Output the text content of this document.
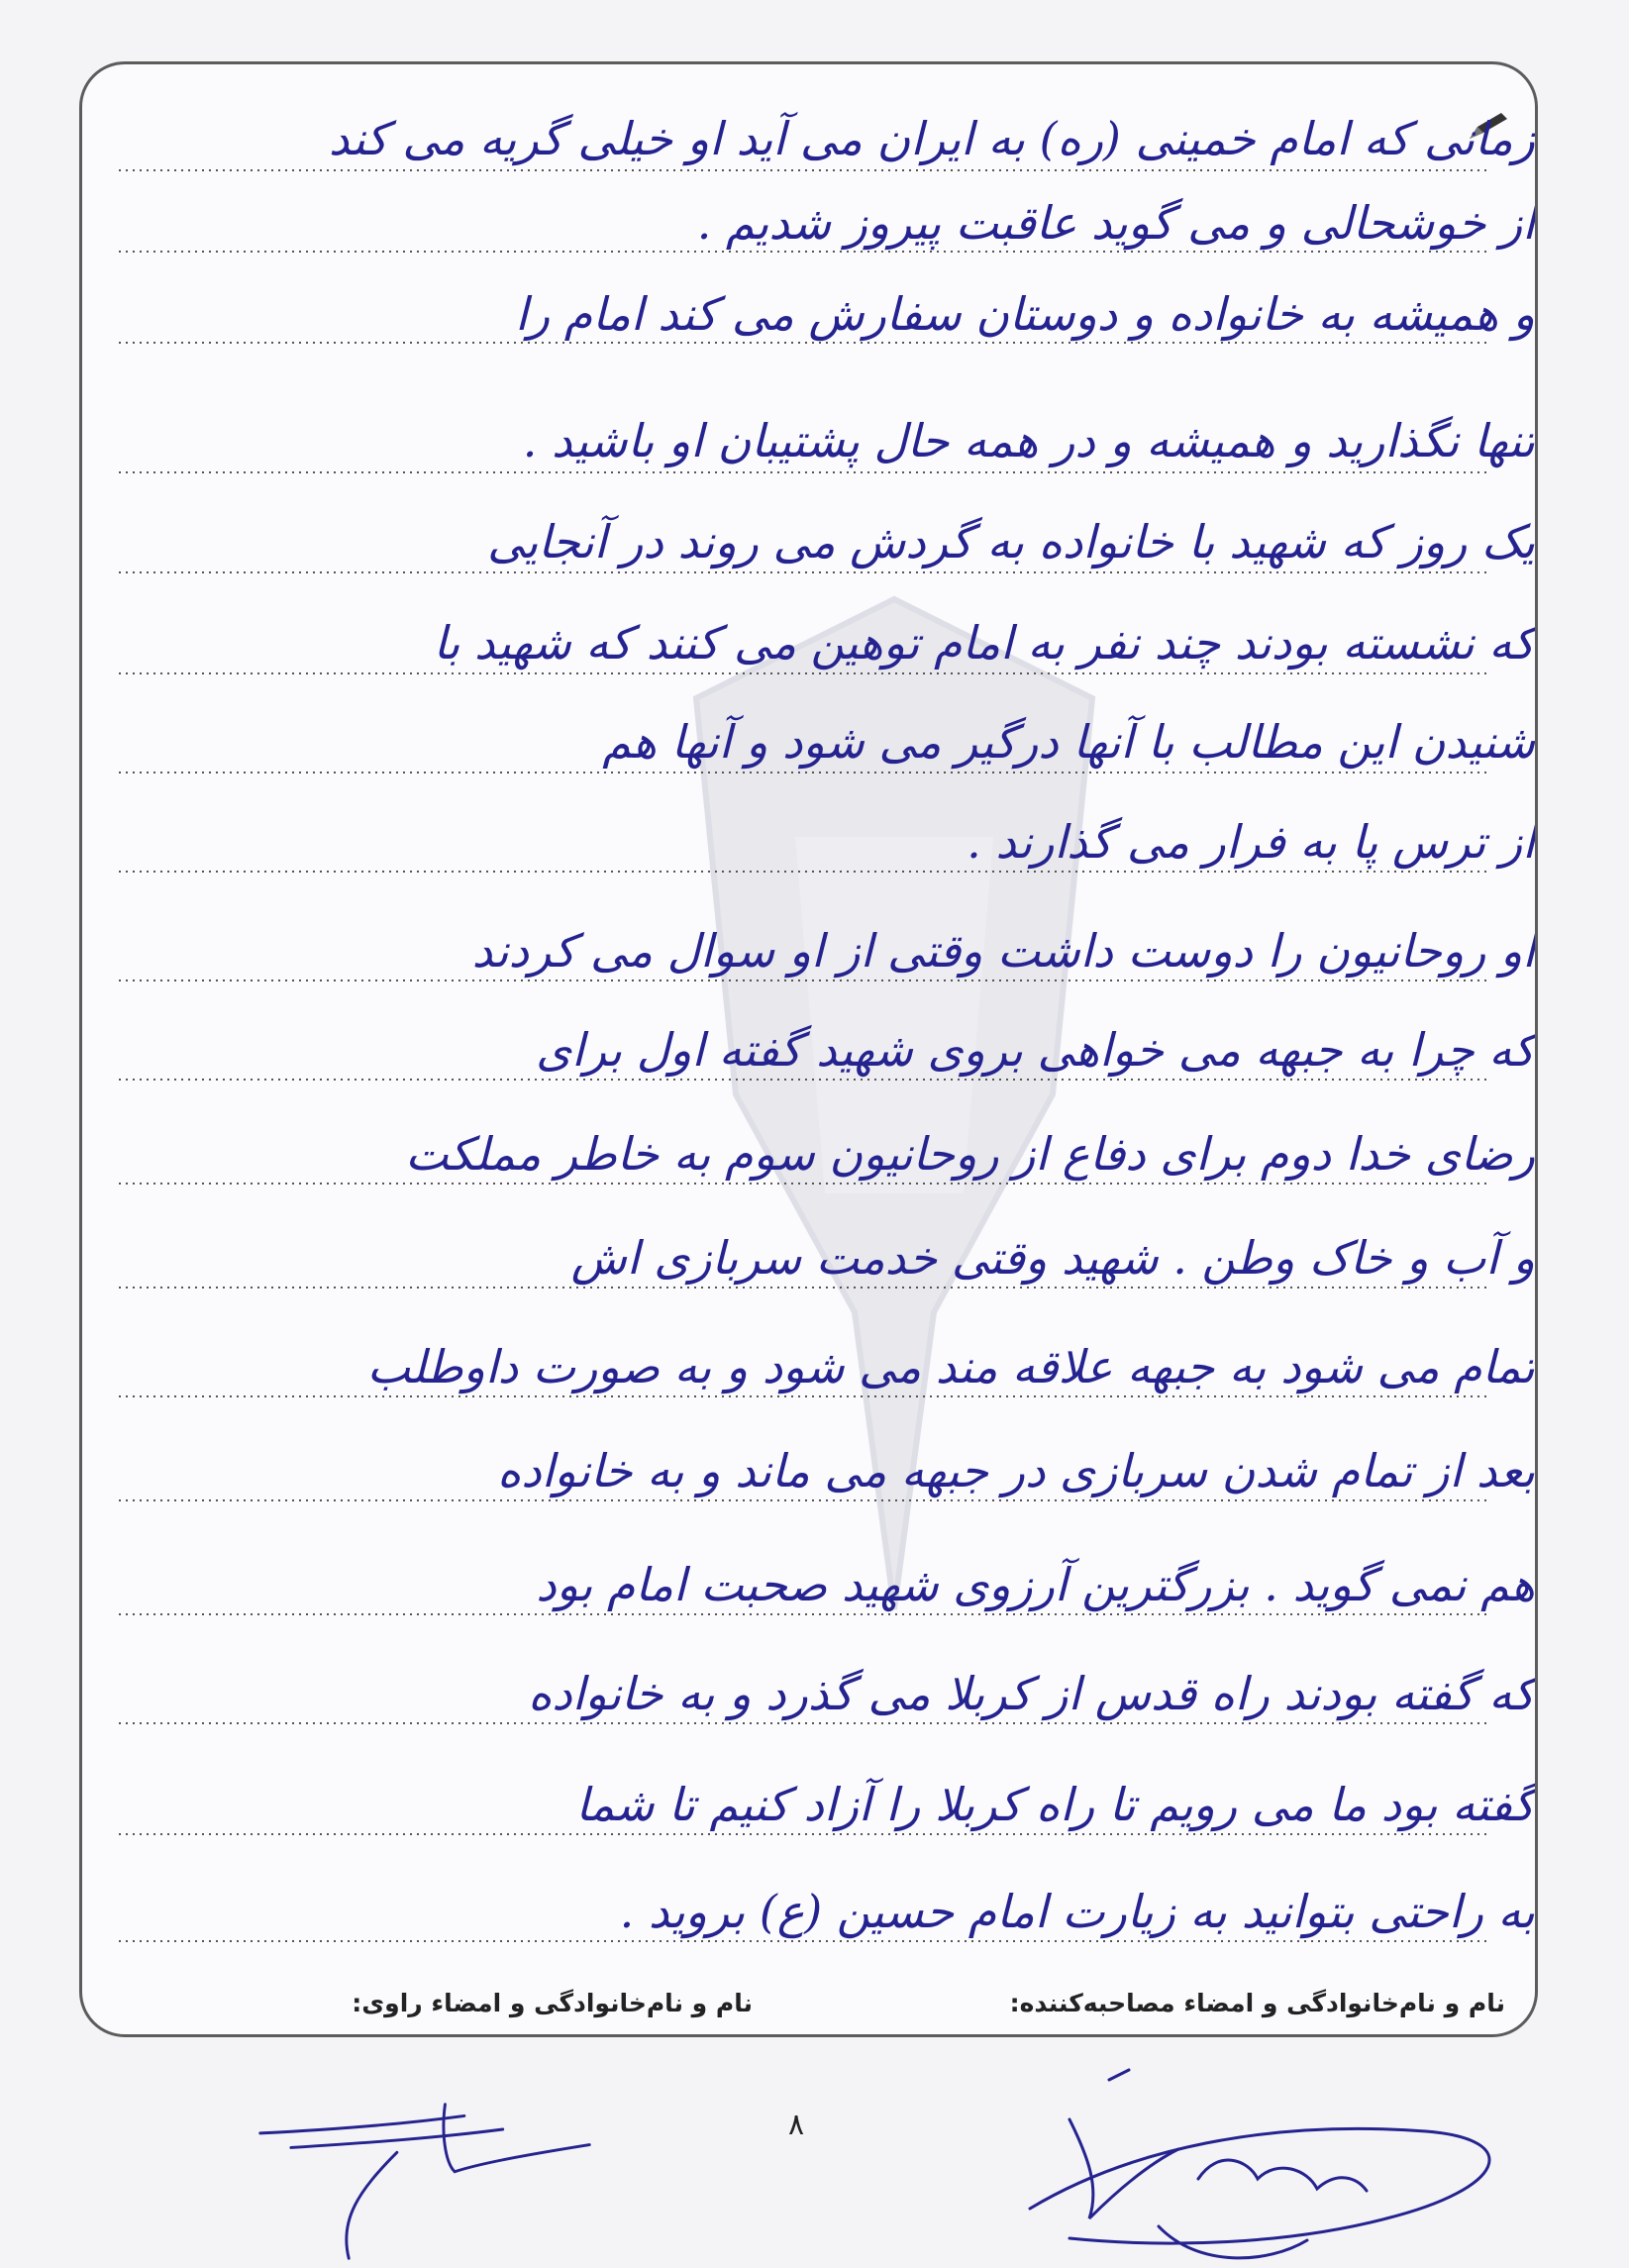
زمانی که امام خمینی (ره) به ایران می آید او خیلی گریه می کند
از خوشحالی و می گوید عاقبت پیروز شدیم .
و همیشه به خانواده و دوستان سفارش می کند امام را
تنها نگذارید و همیشه و در همه حال پشتیبان او باشید .
یک روز که شهید با خانواده به گردش می روند در آنجایی
که نشسته بودند چند نفر به امام توهین می کنند که شهید با
شنیدن این مطالب با آنها درگیر می شود و آنها هم
از ترس پا به فرار می گذارند .
او روحانیون را دوست داشت وقتی از او سوال می کردند
که چرا به جبهه می خواهی بروی شهید گفته اول برای
رضای خدا دوم برای دفاع از روحانیون سوم به خاطر مملکت
و آب و خاک وطن . شهید وقتی خدمت سربازی اش
تمام می شود به جبهه علاقه مند می شود و به صورت داوطلب
بعد از تمام شدن سربازی در جبهه می ماند و به خانواده
هم نمی گوید . بزرگترین آرزوی شهید صحبت امام بود
که گفته بودند راه قدس از کربلا می گذرد و به خانواده
گفته بود ما می رویم تا راه کربلا را آزاد کنیم تا شما
به راحتی بتوانید به زیارت امام حسین (ع) بروید .
نام و نام‌خانوادگی و امضاء مصاحبه‌کننده:
نام و نام‌خانوادگی و امضاء راوی:
۸
